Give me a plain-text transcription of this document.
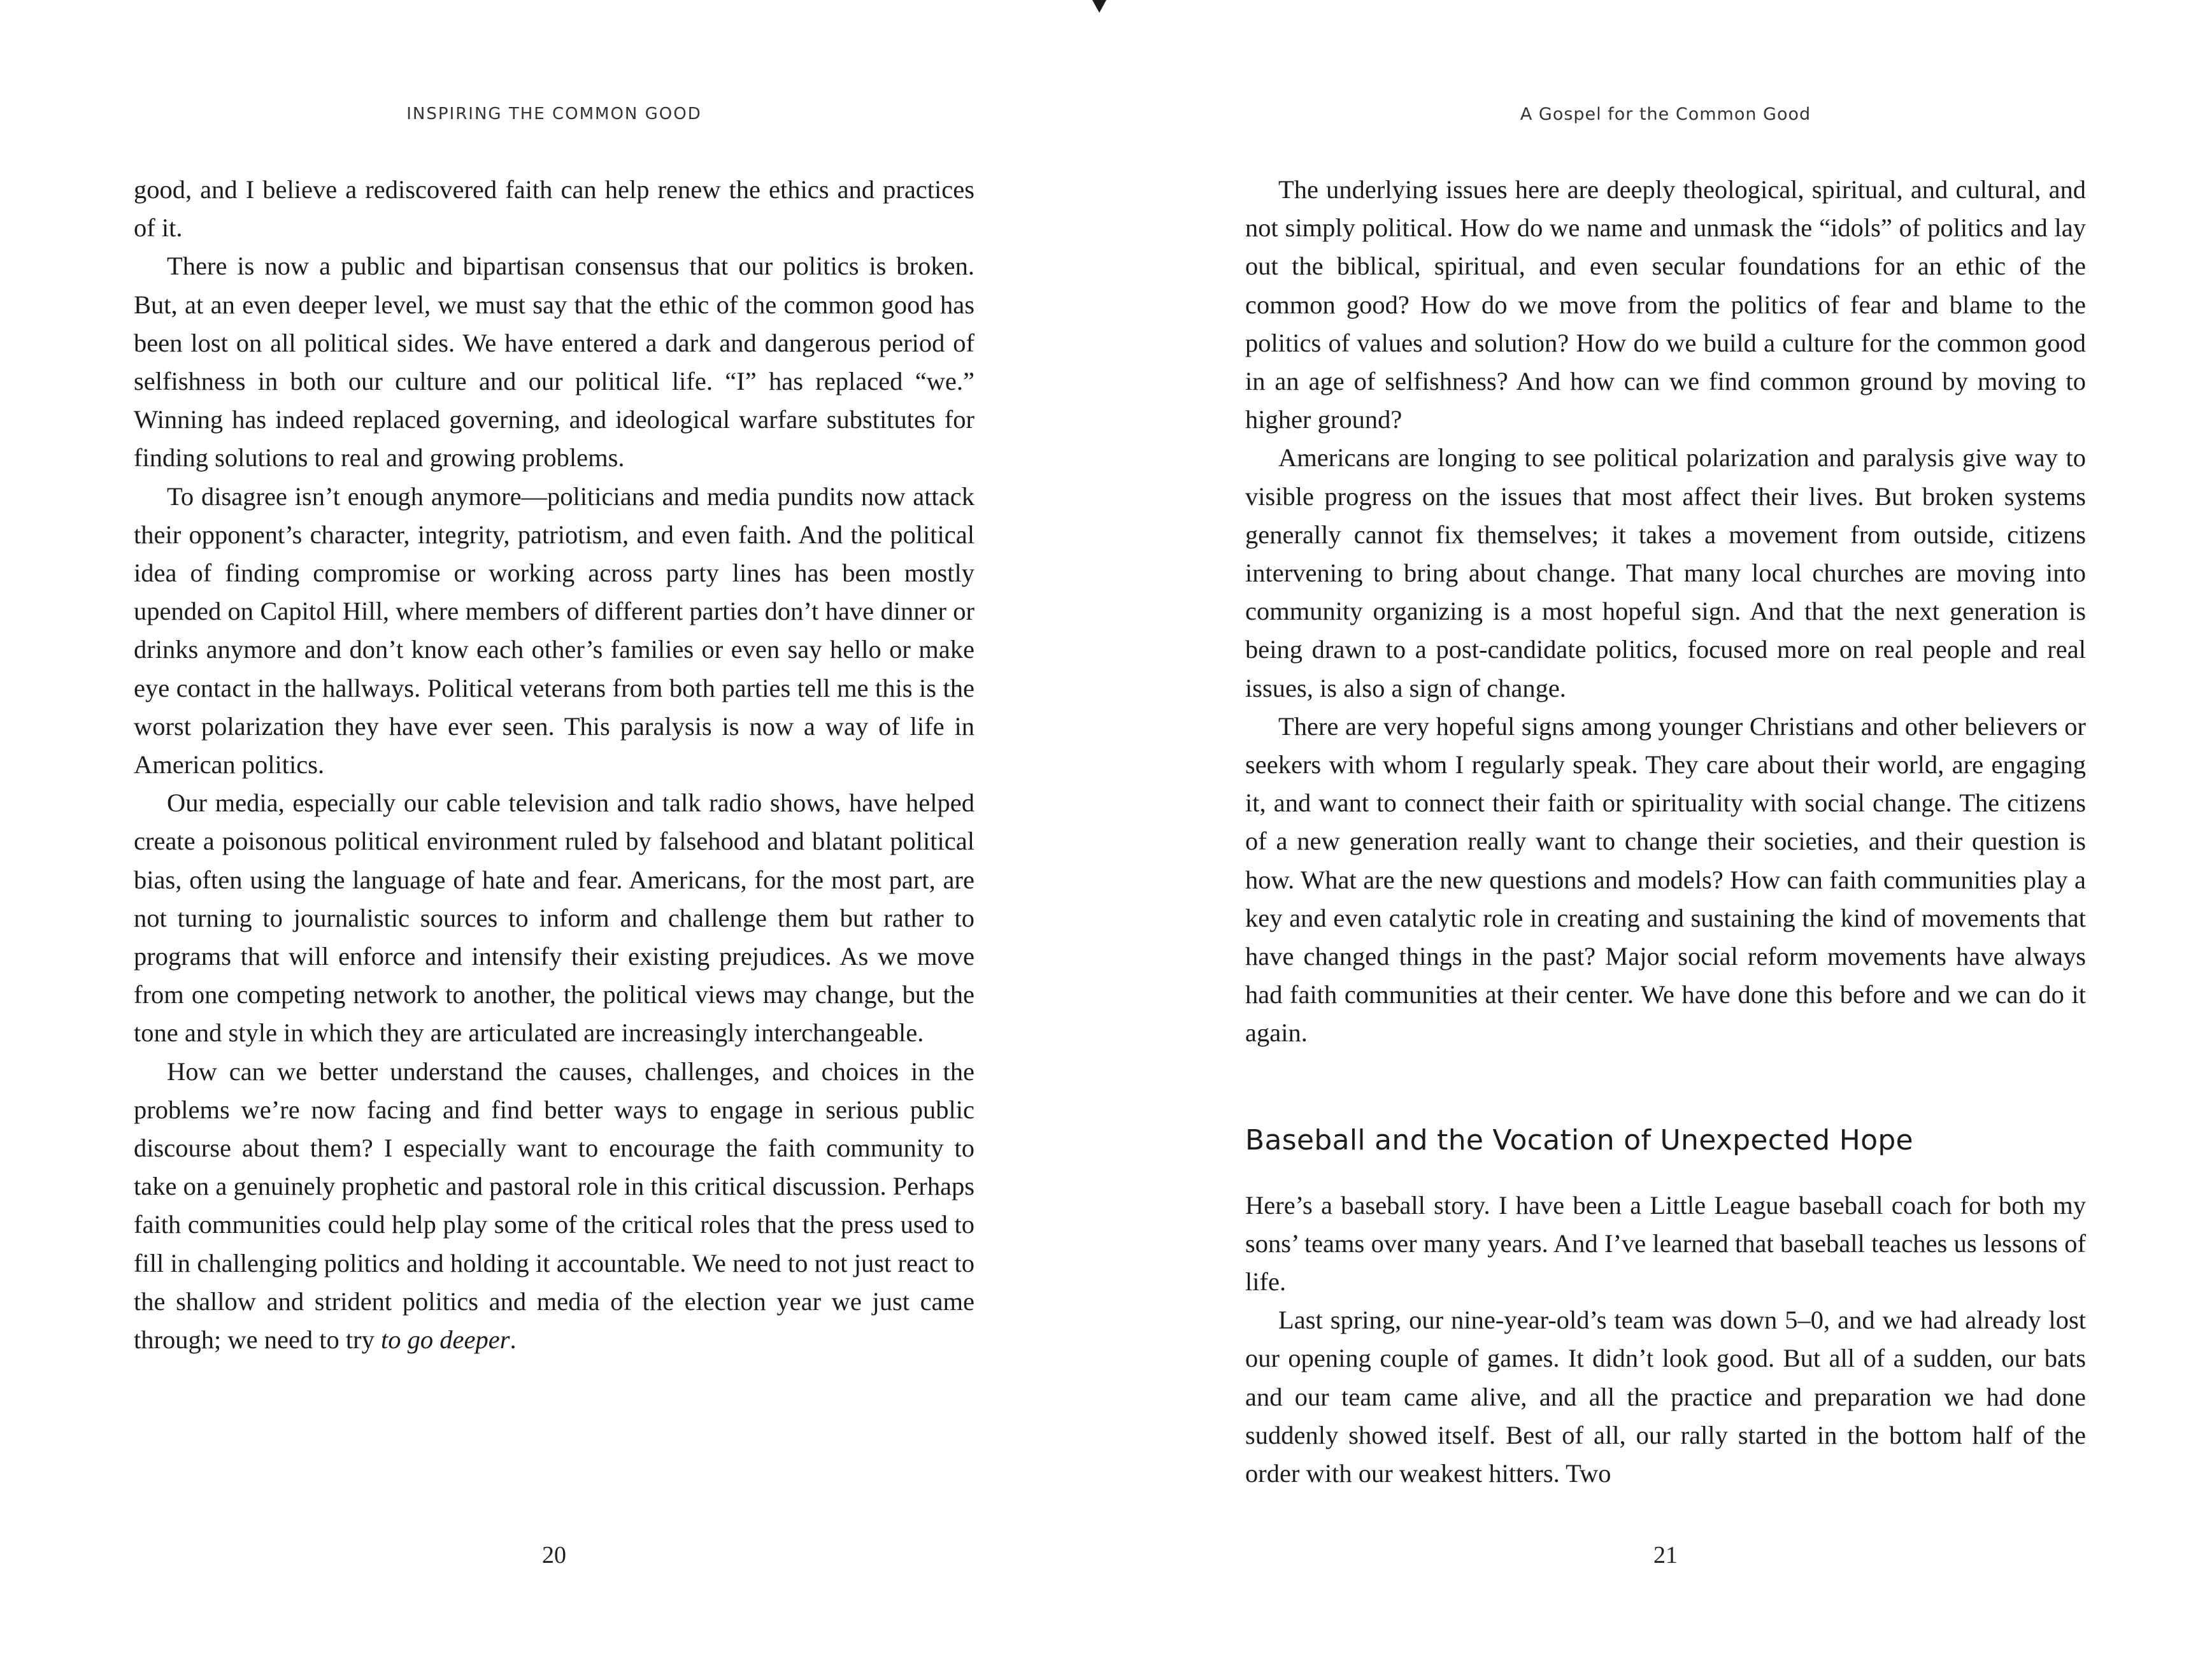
INSPIRING THE COMMON GOOD

good, and I believe a rediscovered faith can help renew the ethics and practices of it.

There is now a public and bipartisan consensus that our politics is broken. But, at an even deeper level, we must say that the ethic of the common good has been lost on all political sides. We have entered a dark and dangerous period of selfishness in both our culture and our political life. “I” has replaced “we.” Winning has indeed replaced governing, and ideological warfare substitutes for finding solutions to real and growing problems.

To disagree isn’t enough anymore—politicians and media pundits now attack their opponent’s character, integrity, patriotism, and even faith. And the political idea of finding compromise or working across party lines has been mostly upended on Capitol Hill, where members of different parties don’t have dinner or drinks anymore and don’t know each other’s families or even say hello or make eye contact in the hallways. Political veterans from both parties tell me this is the worst polarization they have ever seen. This paralysis is now a way of life in American politics.

Our media, especially our cable television and talk radio shows, have helped create a poisonous political environment ruled by falsehood and blatant political bias, often using the language of hate and fear. Americans, for the most part, are not turning to journalistic sources to inform and challenge them but rather to programs that will enforce and intensify their existing prejudices. As we move from one competing network to another, the political views may change, but the tone and style in which they are articulated are increasingly interchangeable.

How can we better understand the causes, challenges, and choices in the problems we’re now facing and find better ways to engage in serious public discourse about them? I especially want to encourage the faith community to take on a genuinely prophetic and pastoral role in this critical discussion. Perhaps faith communities could help play some of the critical roles that the press used to fill in challenging politics and holding it accountable. We need to not just react to the shallow and strident politics and media of the election year we just came through; we need to try to go deeper.

20
A Gospel for the Common Good

The underlying issues here are deeply theological, spiritual, and cultural, and not simply political. How do we name and unmask the “idols” of politics and lay out the biblical, spiritual, and even secular foundations for an ethic of the common good? How do we move from the politics of fear and blame to the politics of values and solution? How do we build a culture for the common good in an age of selfishness? And how can we find common ground by moving to higher ground?

Americans are longing to see political polarization and paralysis give way to visible progress on the issues that most affect their lives. But broken systems generally cannot fix themselves; it takes a movement from outside, citizens intervening to bring about change. That many local churches are moving into community organizing is a most hopeful sign. And that the next generation is being drawn to a post-candidate politics, focused more on real people and real issues, is also a sign of change.

There are very hopeful signs among younger Christians and other believers or seekers with whom I regularly speak. They care about their world, are engaging it, and want to connect their faith or spirituality with social change. The citizens of a new generation really want to change their societies, and their question is how. What are the new questions and models? How can faith communities play a key and even catalytic role in creating and sustaining the kind of movements that have changed things in the past? Major social reform movements have always had faith communities at their center. We have done this before and we can do it again.

Baseball and the Vocation of Unexpected Hope

Here’s a baseball story. I have been a Little League baseball coach for both my sons’ teams over many years. And I’ve learned that baseball teaches us lessons of life.

Last spring, our nine-year-old’s team was down 5–0, and we had already lost our opening couple of games. It didn’t look good. But all of a sudden, our bats and our team came alive, and all the practice and preparation we had done suddenly showed itself. Best of all, our rally started in the bottom half of the order with our weakest hitters. Two

21
